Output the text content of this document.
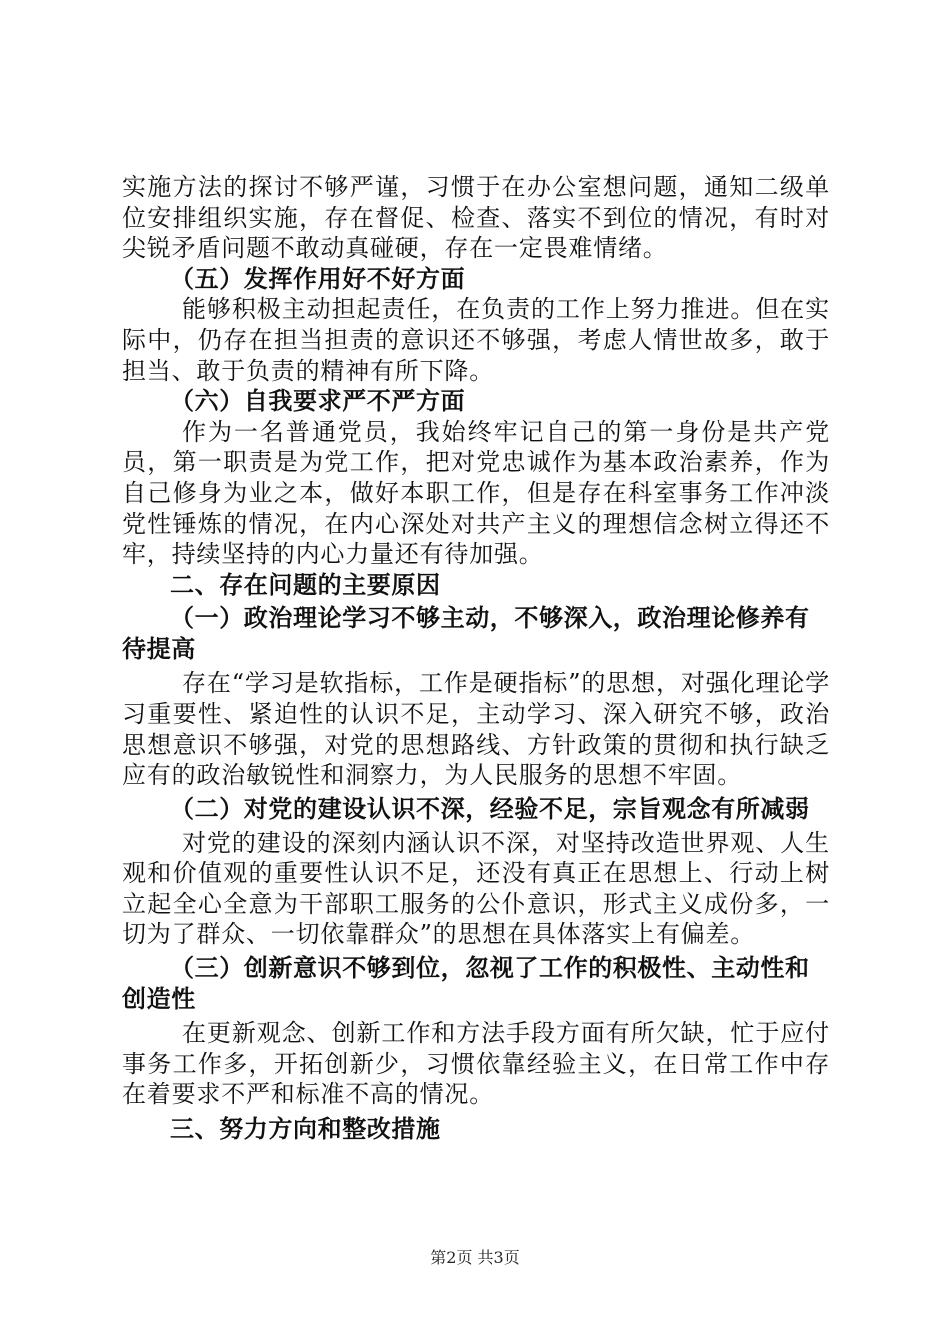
实施方法的探讨不够严谨，习惯于在办公室想问题，通知二级单位安排组织实施，存在督促、检查、落实不到位的情况，有时对尖锐矛盾问题不敢动真碰硬，存在一定畏难情绪。

（五）发挥作用好不好方面

能够积极主动担起责任，在负责的工作上努力推进。但在实际中，仍存在担当担责的意识还不够强，考虑人情世故多，敢于担当、敢于负责的精神有所下降。

（六）自我要求严不严方面

作为一名普通党员，我始终牢记自己的第一身份是共产党员，第一职责是为党工作，把对党忠诚作为基本政治素养，作为自己修身为业之本，做好本职工作，但是存在科室事务工作冲淡党性锤炼的情况，在内心深处对共产主义的理想信念树立得还不牢，持续坚持的内心力量还有待加强。

二、存在问题的主要原因

（一）政治理论学习不够主动，不够深入，政治理论修养有待提高

存在“学习是软指标，工作是硬指标”的思想，对强化理论学习重要性、紧迫性的认识不足，主动学习、深入研究不够，政治思想意识不够强，对党的思想路线、方针政策的贯彻和执行缺乏应有的政治敏锐性和洞察力，为人民服务的思想不牢固。

（二）对党的建设认识不深，经验不足，宗旨观念有所减弱

对党的建设的深刻内涵认识不深，对坚持改造世界观、人生观和价值观的重要性认识不足，还没有真正在思想上、行动上树立起全心全意为干部职工服务的公仆意识，形式主义成份多，一切为了群众、一切依靠群众”的思想在具体落实上有偏差。

（三）创新意识不够到位，忽视了工作的积极性、主动性和创造性

在更新观念、创新工作和方法手段方面有所欠缺，忙于应付事务工作多，开拓创新少，习惯依靠经验主义，在日常工作中存在着要求不严和标准不高的情况。

三、努力方向和整改措施

第2页 共3页
